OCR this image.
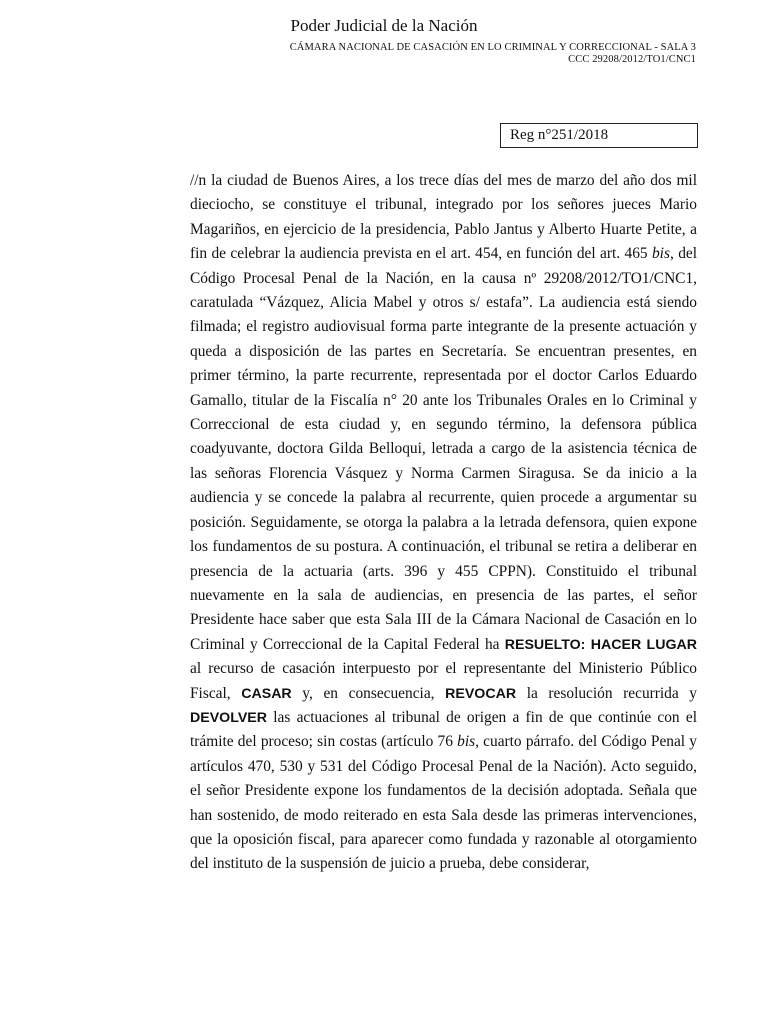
Poder Judicial de la Nación
CÁMARA NACIONAL DE CASACIÓN EN LO CRIMINAL Y CORRECCIONAL - SALA 3
CCC 29208/2012/TO1/CNC1
Reg n°251/2018

//n la ciudad de Buenos Aires, a los trece días del mes de marzo del año dos mil dieciocho, se constituye el tribunal, integrado por los señores jueces Mario Magariños, en ejercicio de la presidencia, Pablo Jantus y Alberto Huarte Petite, a fin de celebrar la audiencia prevista en el art. 454, en función del art. 465 bis, del Código Procesal Penal de la Nación, en la causa nº 29208/2012/TO1/CNC1, caratulada “Vázquez, Alicia Mabel y otros s/ estafa”. La audiencia está siendo filmada; el registro audiovisual forma parte integrante de la presente actuación y queda a disposición de las partes en Secretaría. Se encuentran presentes, en primer término, la parte recurrente, representada por el doctor Carlos Eduardo Gamallo, titular de la Fiscalía n° 20 ante los Tribunales Orales en lo Criminal y Correccional de esta ciudad y, en segundo término, la defensora pública coadyuvante, doctora Gilda Belloqui, letrada a cargo de la asistencia técnica de las señoras Florencia Vásquez y Norma Carmen Siragusa. Se da inicio a la audiencia y se concede la palabra al recurrente, quien procede a argumentar su posición. Seguidamente, se otorga la palabra a la letrada defensora, quien expone los fundamentos de su postura. A continuación, el tribunal se retira a deliberar en presencia de la actuaria (arts. 396 y 455 CPPN). Constituido el tribunal nuevamente en la sala de audiencias, en presencia de las partes, el señor Presidente hace saber que esta Sala III de la Cámara Nacional de Casación en lo Criminal y Correccional de la Capital Federal ha RESUELTO: HACER LUGAR al recurso de casación interpuesto por el representante del Ministerio Público Fiscal, CASAR y, en consecuencia, REVOCAR la resolución recurrida y DEVOLVER las actuaciones al tribunal de origen a fin de que continúe con el trámite del proceso; sin costas (artículo 76 bis, cuarto párrafo. del Código Penal y artículos 470, 530 y 531 del Código Procesal Penal de la Nación). Acto seguido, el señor Presidente expone los fundamentos de la decisión adoptada. Señala que han sostenido, de modo reiterado en esta Sala desde las primeras intervenciones, que la oposición fiscal, para aparecer como fundada y razonable al otorgamiento del instituto de la suspensión de juicio a prueba, debe considerar,
